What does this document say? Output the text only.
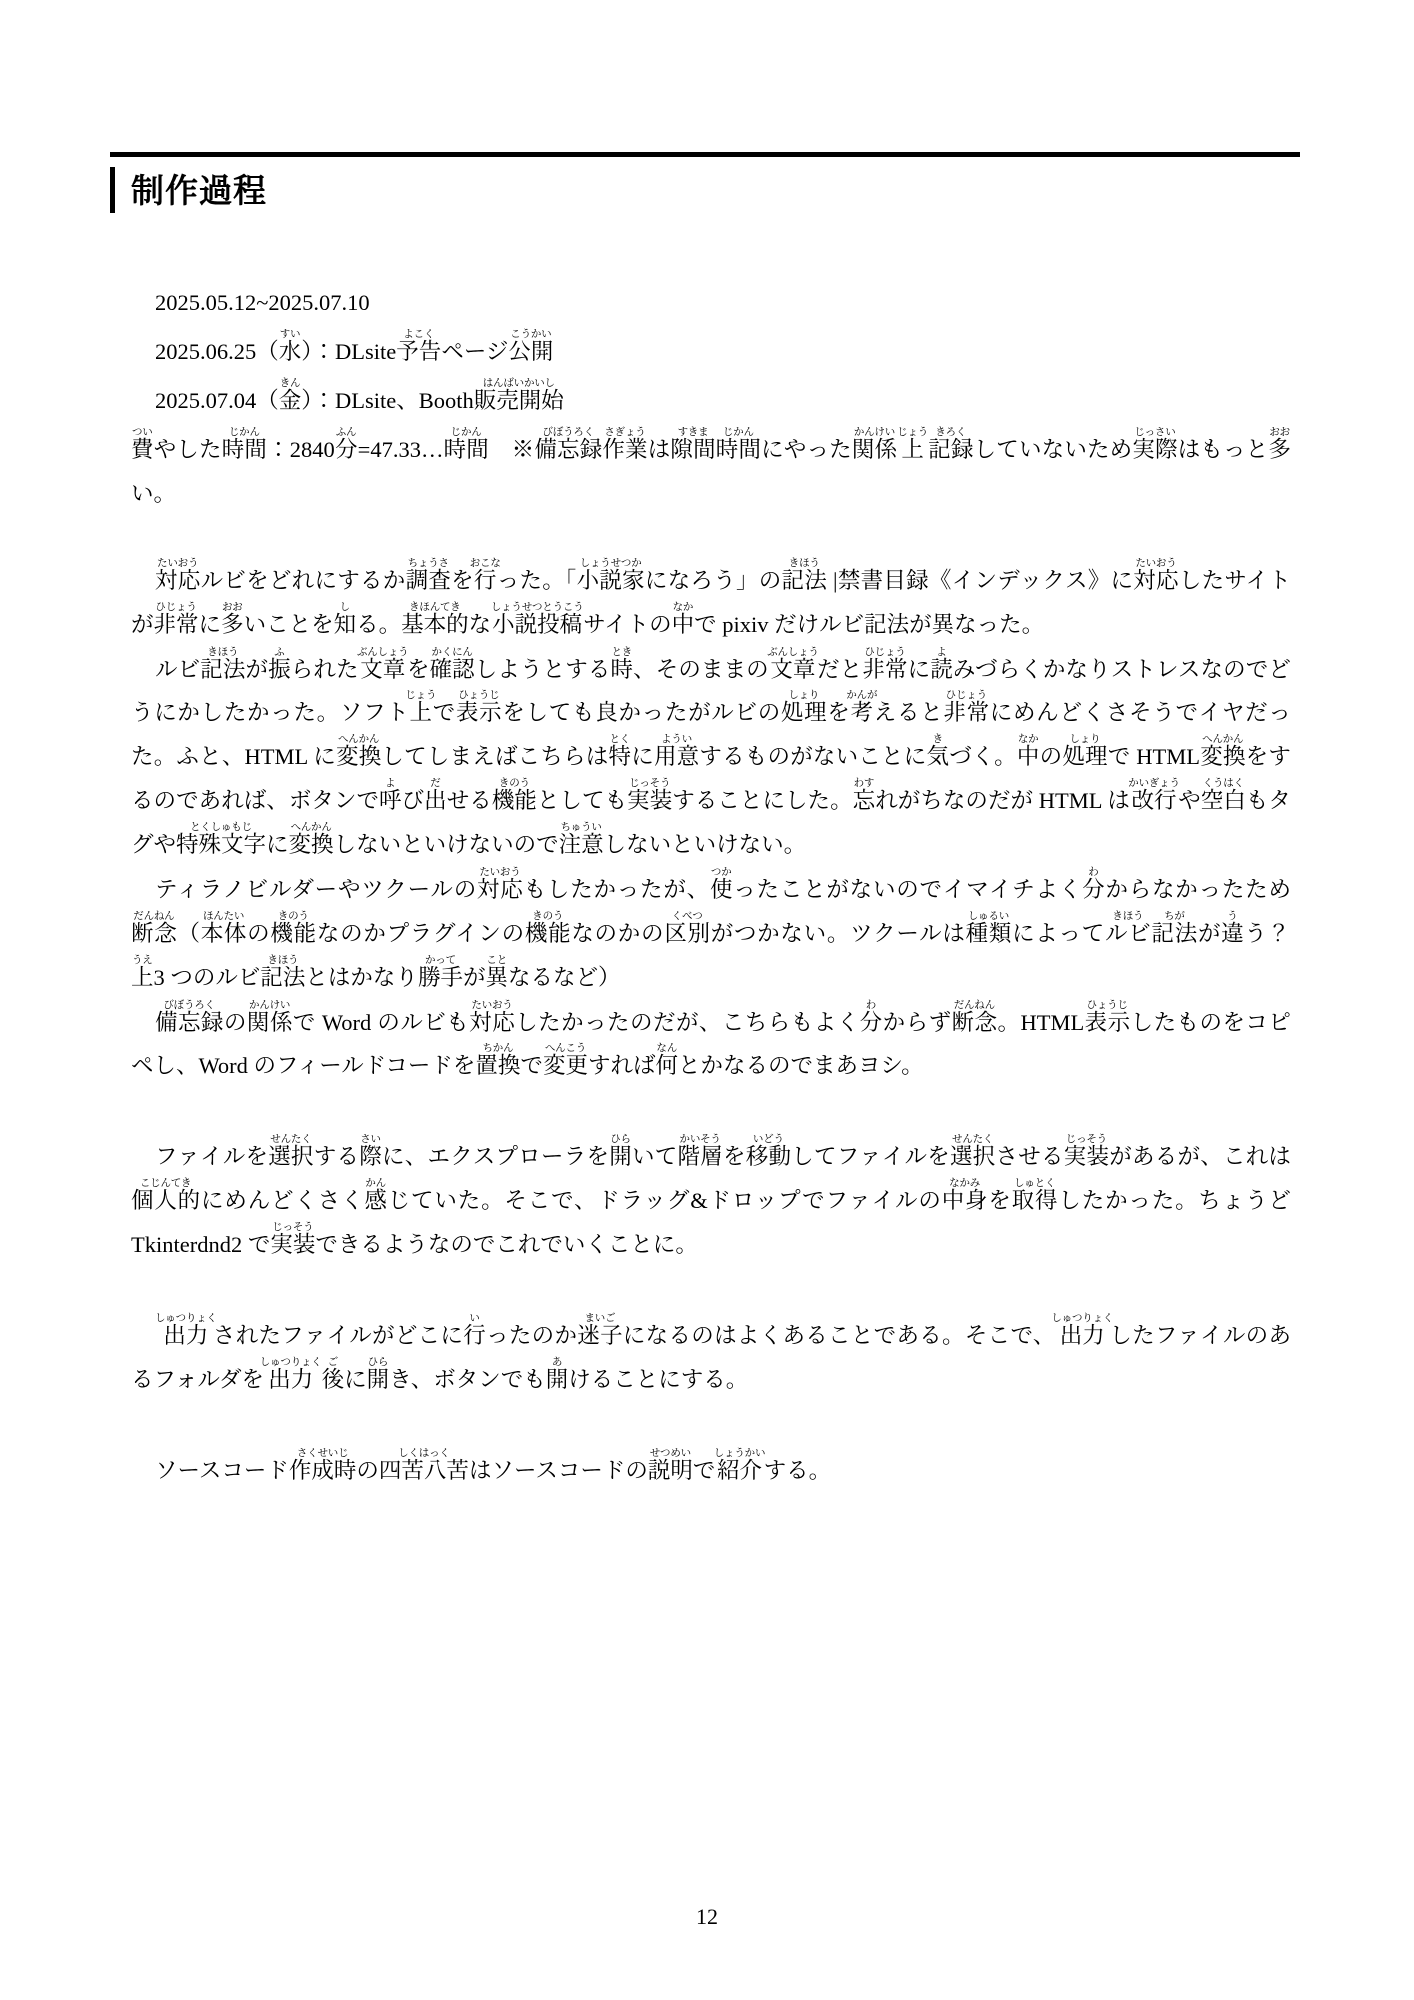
制作過程

2025.05.12~2025.07.10

2025.06.25（水すい）：DLsite予告よこくページ公開こうかい

2025.07.04（金きん）：DLsite、Booth販売開始はんばいかいし

費ついやした時間じかん：2840分ふん=47.33…時間じかん　※備忘録びぼうろく作業さぎょうは隙間すきま時間じかんにやった関係かんけい上じょう記録きろくしていないため実際じっさいはもっと多おおい。

対応たいおうルビをどれにするか調査ちょうさを行おこなった。「小説家しょうせつかになろう」の記法きほう |禁書目録《インデックス》に対応たいおうしたサイトが非常ひじょうに多おおいことを知しる。基本的きほんてきな小説投稿しょうせつとうこうサイトの中なかで pixiv だけルビ記法が異なった。

ルビ記法きほうが振ふられた文章ぶんしょうを確認かくにんしようとする時とき、そのままの文章ぶんしょうだと非常ひじょうに読よみづらくかなりストレスなのでどうにかしたかった。ソフト上じょうで表示ひょうじをしても良かったがルビの処理しょりを考かんがえると非常ひじょうにめんどくさそうでイヤだった。ふと、HTML に変換へんかんしてしまえばこちらは特とくに用意よういするものがないことに気きづく。中なかの処理しょりで HTML変換へんかんをするのであれば、ボタンで呼よび出だせる機能きのうとしても実装じっそうすることにした。忘わすれがちなのだが HTML は改行かいぎょうや空白くうはくもタグや特殊文字とくしゅもじに変換へんかんしないといけないので注意ちゅういしないといけない。

ティラノビルダーやツクールの対応たいおうもしたかったが、使つかったことがないのでイマイチよく分わからなかったため断念だんねん（本体ほんたいの機能きのうなのかプラグインの機能きのうなのかの区別くべつがつかない。ツクールは種類しゅるいによってルビきほう記法ちがが違うう？　上うえ3 つのルビ記法きほうとはかなり勝手かってが異ことなるなど）

備忘録びぼうろくの関係かんけいで Word のルビも対応たいおうしたかったのだが、こちらもよく分わからず断念だんねん。HTML表示ひょうじしたものをコピペし、Word のフィールドコードを置換ちかんで変更へんこうすれば何なんとかなるのでまあヨシ。

ファイルを選択せんたくする際さいに、エクスプローラを開ひらいて階層かいそうを移動いどうしてファイルを選択せんたくさせる実装じっそうがあるが、これは個人的こじんてきにめんどくさく感かんじていた。そこで、ドラッグ&ドロップでファイルの中身なかみを取得しゅとくしたかった。ちょうど Tkinterdnd2 で実装じっそうできるようなのでこれでいくことに。

出力しゅつりょくされたファイルがどこに行いったのか迷子まいごになるのはよくあることである。そこで、出力しゅつりょくしたファイルのあるフォルダを出力しゅつりょく後ごに開ひらき、ボタンでも開あけることにする。

ソースコード作成時さくせいじの四苦八苦しくはっくはソースコードの説明せつめいで紹介しょうかいする。

12
